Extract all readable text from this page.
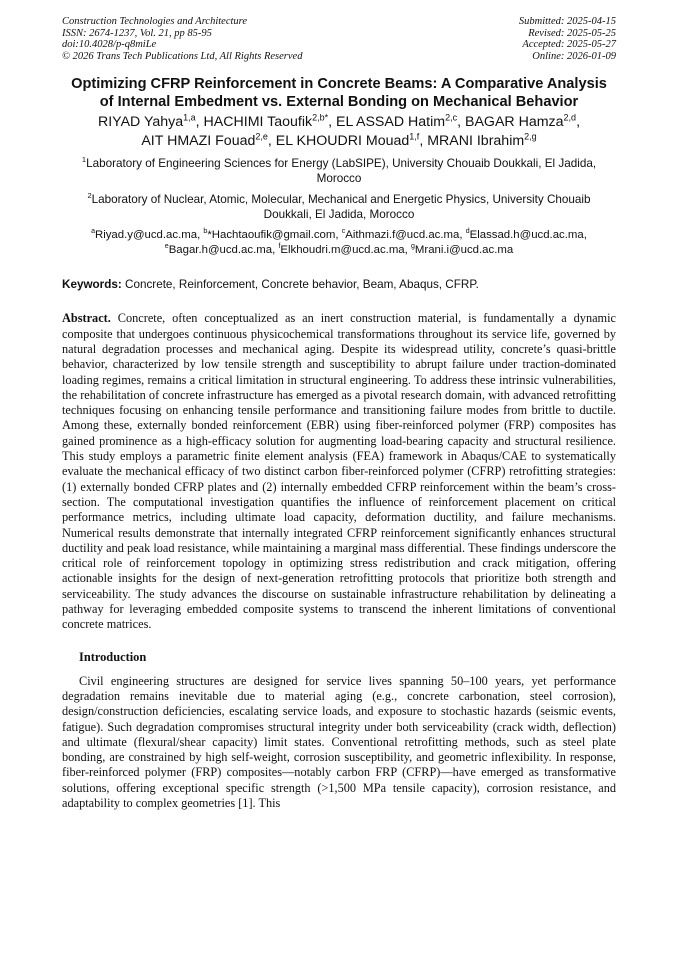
Construction Technologies and Architecture
ISSN: 2674-1237, Vol. 21, pp 85-95
doi:10.4028/p-q8miLe
© 2026 Trans Tech Publications Ltd, All Rights Reserved
Submitted: 2025-04-15
Revised: 2025-05-25
Accepted: 2025-05-27
Online: 2026-01-09
Optimizing CFRP Reinforcement in Concrete Beams: A Comparative Analysis of Internal Embedment vs. External Bonding on Mechanical Behavior
RIYAD Yahya$^{1,a}$, HACHIMI Taoufik$^{2,b*}$, EL ASSAD Hatim$^{2,c}$, BAGAR Hamza$^{2,d}$,
AIT HMAZI Fouad$^{2,e}$, EL KHOUDRI Mouad$^{1,f}$, MRANI Ibrahim$^{2,g}$
$^1$Laboratory of Engineering Sciences for Energy (LabSIPE), University Chouaib Doukkali, El Jadida, Morocco
$^2$Laboratory of Nuclear, Atomic, Molecular, Mechanical and Energetic Physics, University Chouaib Doukkali, El Jadida, Morocco
$^a$Riyad.y@ucd.ac.ma, $^b$*Hachtaoufik@gmail.com, $^c$Aithmazi.f@ucd.ac.ma, $^d$Elassad.h@ucd.ac.ma,
$^e$Bagar.h@ucd.ac.ma, $^f$Elkhoudri.m@ucd.ac.ma, $^g$Mrani.i@ucd.ac.ma
Keywords: Concrete, Reinforcement, Concrete behavior, Beam, Abaqus, CFRP.
Abstract. Concrete, often conceptualized as an inert construction material, is fundamentally a dynamic composite that undergoes continuous physicochemical transformations throughout its service life, governed by natural degradation processes and mechanical aging. Despite its widespread utility, concrete’s quasi-brittle behavior, characterized by low tensile strength and susceptibility to abrupt failure under traction-dominated loading regimes, remains a critical limitation in structural engineering. To address these intrinsic vulnerabilities, the rehabilitation of concrete infrastructure has emerged as a pivotal research domain, with advanced retrofitting techniques focusing on enhancing tensile performance and transitioning failure modes from brittle to ductile. Among these, externally bonded reinforcement (EBR) using fiber-reinforced polymer (FRP) composites has gained prominence as a high-efficacy solution for augmenting load-bearing capacity and structural resilience. This study employs a parametric finite element analysis (FEA) framework in Abaqus/CAE to systematically evaluate the mechanical efficacy of two distinct carbon fiber-reinforced polymer (CFRP) retrofitting strategies: (1) externally bonded CFRP plates and (2) internally embedded CFRP reinforcement within the beam’s cross-section. The computational investigation quantifies the influence of reinforcement placement on critical performance metrics, including ultimate load capacity, deformation ductility, and failure mechanisms. Numerical results demonstrate that internally integrated CFRP reinforcement significantly enhances structural ductility and peak load resistance, while maintaining a marginal mass differential. These findings underscore the critical role of reinforcement topology in optimizing stress redistribution and crack mitigation, offering actionable insights for the design of next-generation retrofitting protocols that prioritize both strength and serviceability. The study advances the discourse on sustainable infrastructure rehabilitation by delineating a pathway for leveraging embedded composite systems to transcend the inherent limitations of conventional concrete matrices.
Introduction
Civil engineering structures are designed for service lives spanning 50–100 years, yet performance degradation remains inevitable due to material aging (e.g., concrete carbonation, steel corrosion), design/construction deficiencies, escalating service loads, and exposure to stochastic hazards (seismic events, fatigue). Such degradation compromises structural integrity under both serviceability (crack width, deflection) and ultimate (flexural/shear capacity) limit states. Conventional retrofitting methods, such as steel plate bonding, are constrained by high self-weight, corrosion susceptibility, and geometric inflexibility. In response, fiber-reinforced polymer (FRP) composites—notably carbon FRP (CFRP)—have emerged as transformative solutions, offering exceptional specific strength (>1,500 MPa tensile capacity), corrosion resistance, and adaptability to complex geometries [1]. This
